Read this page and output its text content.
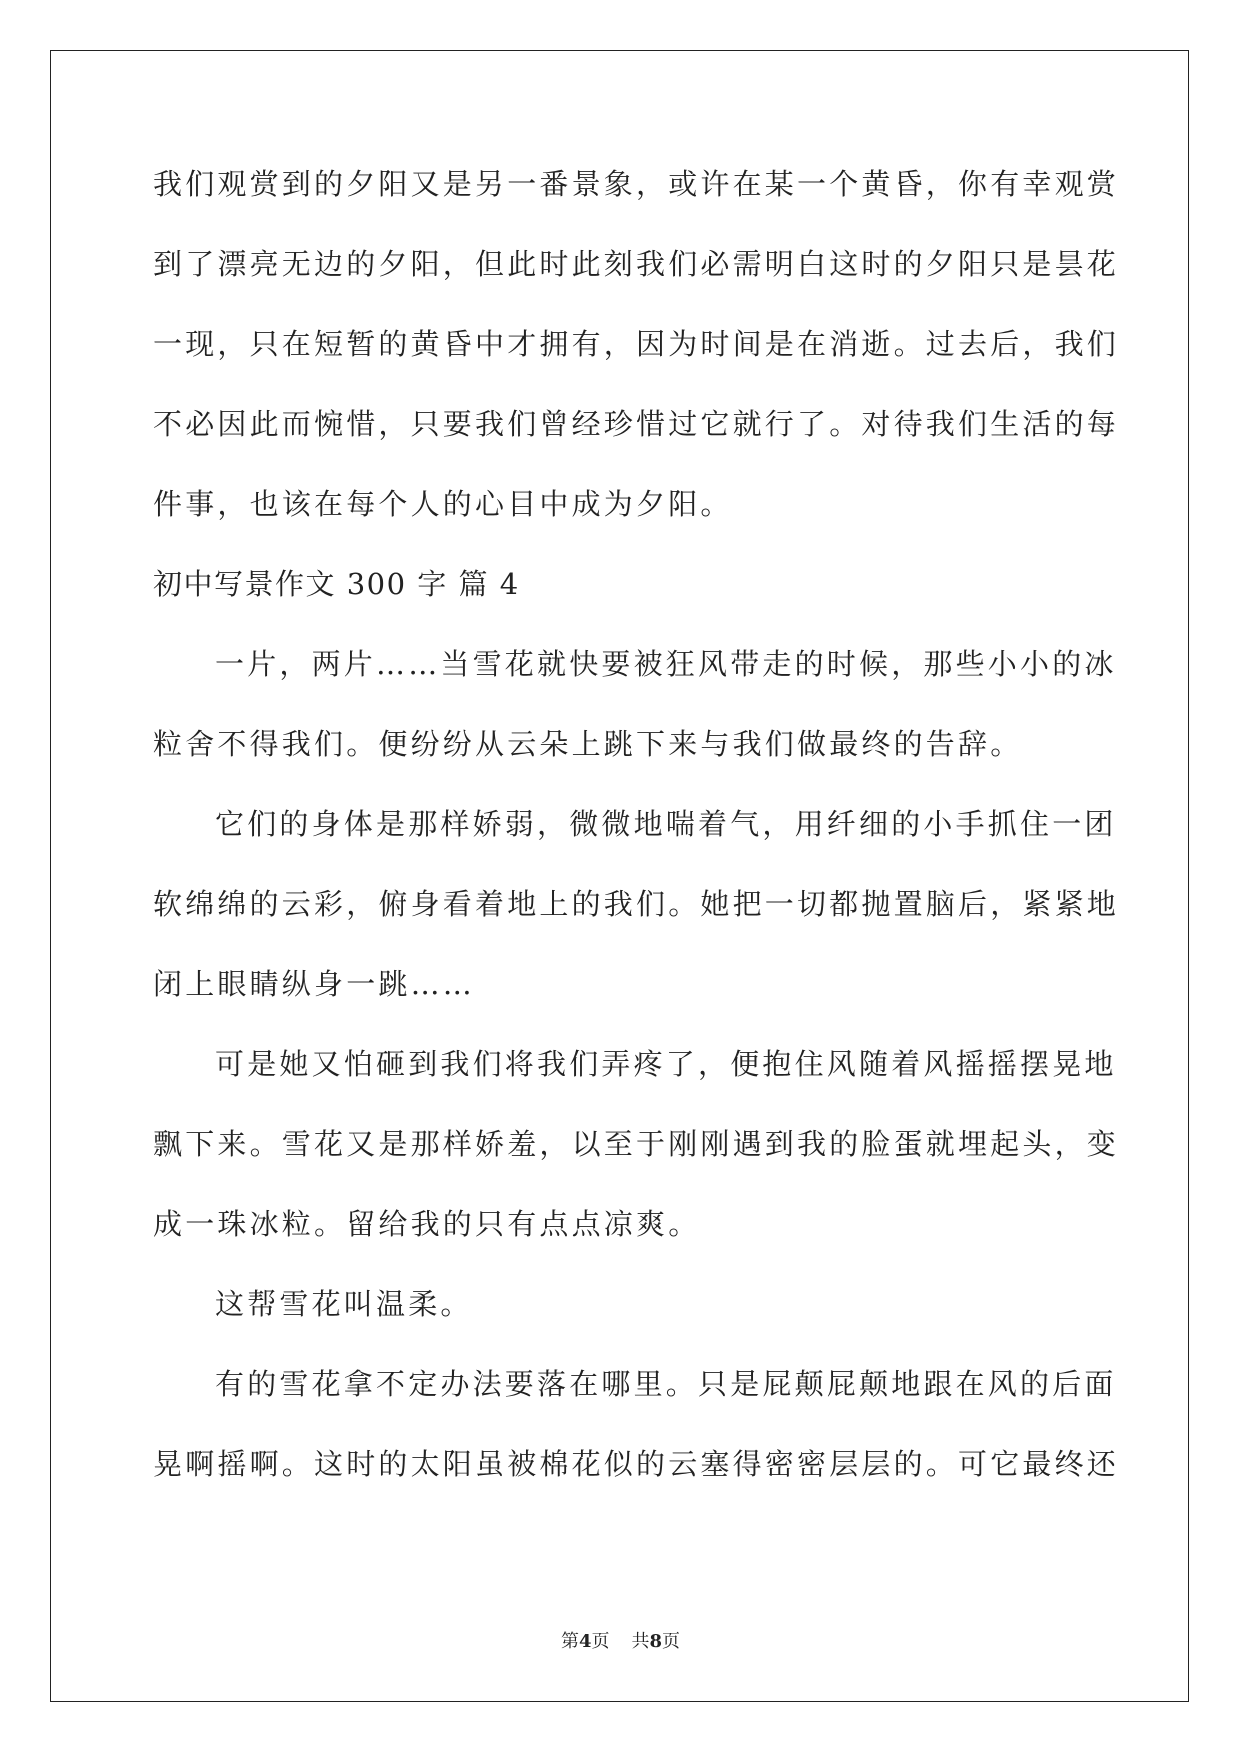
我们观赏到的夕阳又是另一番景象，或许在某一个黄昏，你有幸观赏
到了漂亮无边的夕阳，但此时此刻我们必需明白这时的夕阳只是昙花
一现，只在短暂的黄昏中才拥有，因为时间是在消逝。过去后，我们
不必因此而惋惜，只要我们曾经珍惜过它就行了。对待我们生活的每
件事，也该在每个人的心目中成为夕阳。
初中写景作文 300 字 篇 4
一片，两片……当雪花就快要被狂风带走的时候，那些小小的冰
粒舍不得我们。便纷纷从云朵上跳下来与我们做最终的告辞。
它们的身体是那样娇弱，微微地喘着气，用纤细的小手抓住一团
软绵绵的云彩，俯身看着地上的我们。她把一切都抛置脑后，紧紧地
闭上眼睛纵身一跳……
可是她又怕砸到我们将我们弄疼了，便抱住风随着风摇摇摆晃地
飘下来。雪花又是那样娇羞，以至于刚刚遇到我的脸蛋就埋起头，变
成一珠冰粒。留给我的只有点点凉爽。
这帮雪花叫温柔。
有的雪花拿不定办法要落在哪里。只是屁颠屁颠地跟在风的后面
晃啊摇啊。这时的太阳虽被棉花似的云塞得密密层层的。可它最终还
第4页 共8页
